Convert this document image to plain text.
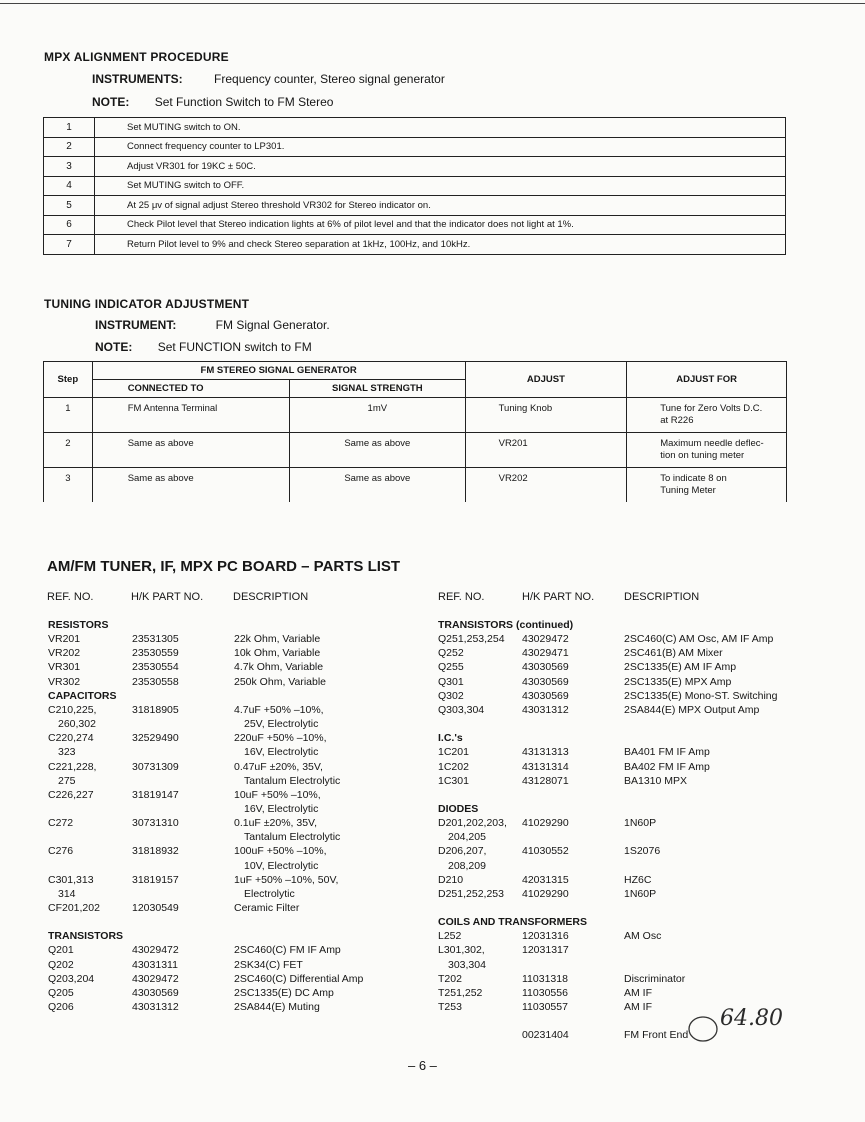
MPX ALIGNMENT PROCEDURE
INSTRUMENTS:	Frequency counter, Stereo signal generator
NOTE: Set Function Switch to FM Stereo
1	Set MUTING switch to ON.
2	Connect frequency counter to LP301.
3	Adjust VR301 for 19KC ± 50C.
4	Set MUTING switch to OFF.
5	At 25 μv of signal adjust Stereo threshold VR302 for Stereo indicator on.
6	Check Pilot level that Stereo indication lights at 6% of pilot level and that the indicator does not light at 1%.
7	Return Pilot level to 9% and check Stereo separation at 1kHz, 100Hz, and 10kHz.
TUNING INDICATOR ADJUSTMENT
INSTRUMENT:	FM Signal Generator.
NOTE: Set FUNCTION switch to FM
Step	FM STEREO SIGNAL GENERATOR		ADJUST	ADJUST FOR
	CONNECTED TO	SIGNAL STRENGTH		
1	FM Antenna Terminal	1mV	Tuning Knob	Tune for Zero Volts D.C.
at R226

2	Same as above	Same as above	VR201	Maximum needle deflec-
tion on tuning meter

3	Same as above	Same as above	VR202	To indicate 8 on
Tuning Meter
AM/FM TUNER, IF, MPX PC BOARD – PARTS LIST
REF. NO.	H/K PART NO.	DESCRIPTION	REF. NO.	H/K PART NO.	DESCRIPTION
RESISTORS
VR201	23531305	22k Ohm, Variable
VR202	23530559	10k Ohm, Variable
VR301	23530554	4.7k Ohm, Variable
VR302	23530558	250k Ohm, Variable
CAPACITORS
C210,225,	31818905	4.7uF +50% –10%,
260,302	25V, Electrolytic
C220,274	32529490	220uF +50% –10%,
323	16V, Electrolytic
C221,228,	30731309	0.47uF ±20%, 35V,
275	Tantalum Electrolytic
C226,227	31819147	10uF +50% –10%,
16V, Electrolytic
C272	30731310	0.1uF ±20%, 35V,
Tantalum Electrolytic
C276	31818932	100uF +50% –10%,
10V, Electrolytic
C301,313	31819157	1uF +50% –10%, 50V,
314	Electrolytic
CF201,202	12030549	Ceramic Filter
TRANSISTORS
Q201	43029472	2SC460(C) FM IF Amp
Q202	43031311	2SK34(C) FET
Q203,204	43029472	2SC460(C) Differential Amp
Q205	43030569	2SC1335(E) DC Amp
Q206	43031312	2SA844(E) Muting
TRANSISTORS (continued)
Q251,253,254 43029472	2SC460(C) AM Osc, AM IF Amp
Q252	43029471	2SC461(B) AM Mixer
Q255	43030569	2SC1335(E) AM IF Amp
Q301	43030569	2SC1335(E) MPX Amp
Q302	43030569	2SC1335(E) Mono-ST. Switching
Q303,304	43031312	2SA844(E) MPX Output Amp
I.C.'s
1C201	43131313	BA401 FM IF Amp
1C202	43131314	BA402 FM IF Amp
1C301	43128071	BA1310 MPX
DIODES
D201,202,203, 41029290	1N60P
204,205
D206,207,	41030552	1S2076
208,209
D210	42031315	HZ6C
D251,252,253 41029290	1N60P
COILS AND TRANSFORMERS
L252	12031316	AM Osc
L301,302,	12031317
303,304
T202	11031318	Discriminator
T251,252	11030556	AM IF
T253	11030557	AM IF
00231404	FM Front End
64.80
– 6 –
